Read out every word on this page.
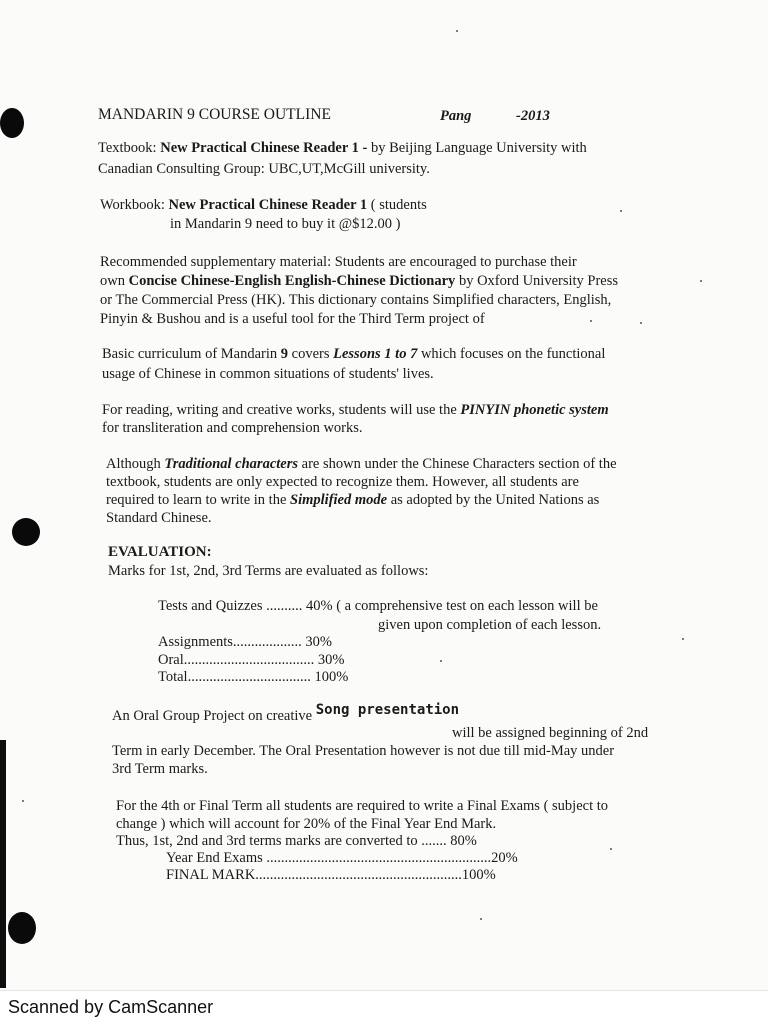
MANDARIN 9 COURSE OUTLINE	Pang	-2013
Textbook: New Practical Chinese Reader 1 - by Beijing Language University with
Canadian Consulting Group: UBC,UT,McGill university.
Workbook: New Practical Chinese Reader 1 ( students
in Mandarin 9 need to buy it @$12.00 )
Recommended supplementary material: Students are encouraged to purchase their
own Concise Chinese-English English-Chinese Dictionary by Oxford University Press
or The Commercial Press (HK). This dictionary contains Simplified characters, English,
Pinyin & Bushou and is a useful tool for the Third Term project of
Basic curriculum of Mandarin 9 covers Lessons 1 to 7 which focuses on the functional
usage of Chinese in common situations of students' lives.
For reading, writing and creative works, students will use the PINYIN phonetic system
for transliteration and comprehension works.
Although Traditional characters are shown under the Chinese Characters section of the
textbook, students are only expected to recognize them. However, all students are
required to learn to write in the Simplified mode as adopted by the United Nations as
Standard Chinese.
EVALUATION:
Marks for 1st, 2nd, 3rd Terms are evaluated as follows:
Tests and Quizzes .......... 40% ( a comprehensive test on each lesson will be
given upon completion of each lesson.
Assignments................... 30%
Oral.................................... 30%
Total.................................. 100%
An Oral Group Project on creative Song presentation
will be assigned beginning of 2nd
Term in early December. The Oral Presentation however is not due till mid-May under
3rd Term marks.
For the 4th or Final Term all students are required to write a Final Exams ( subject to
change ) which will account for 20% of the Final Year End Mark.
Thus, 1st, 2nd and 3rd terms marks are converted to ....... 80%
Year End Exams ..............................................................20%
FINAL MARK.........................................................100%
Scanned by CamScanner
